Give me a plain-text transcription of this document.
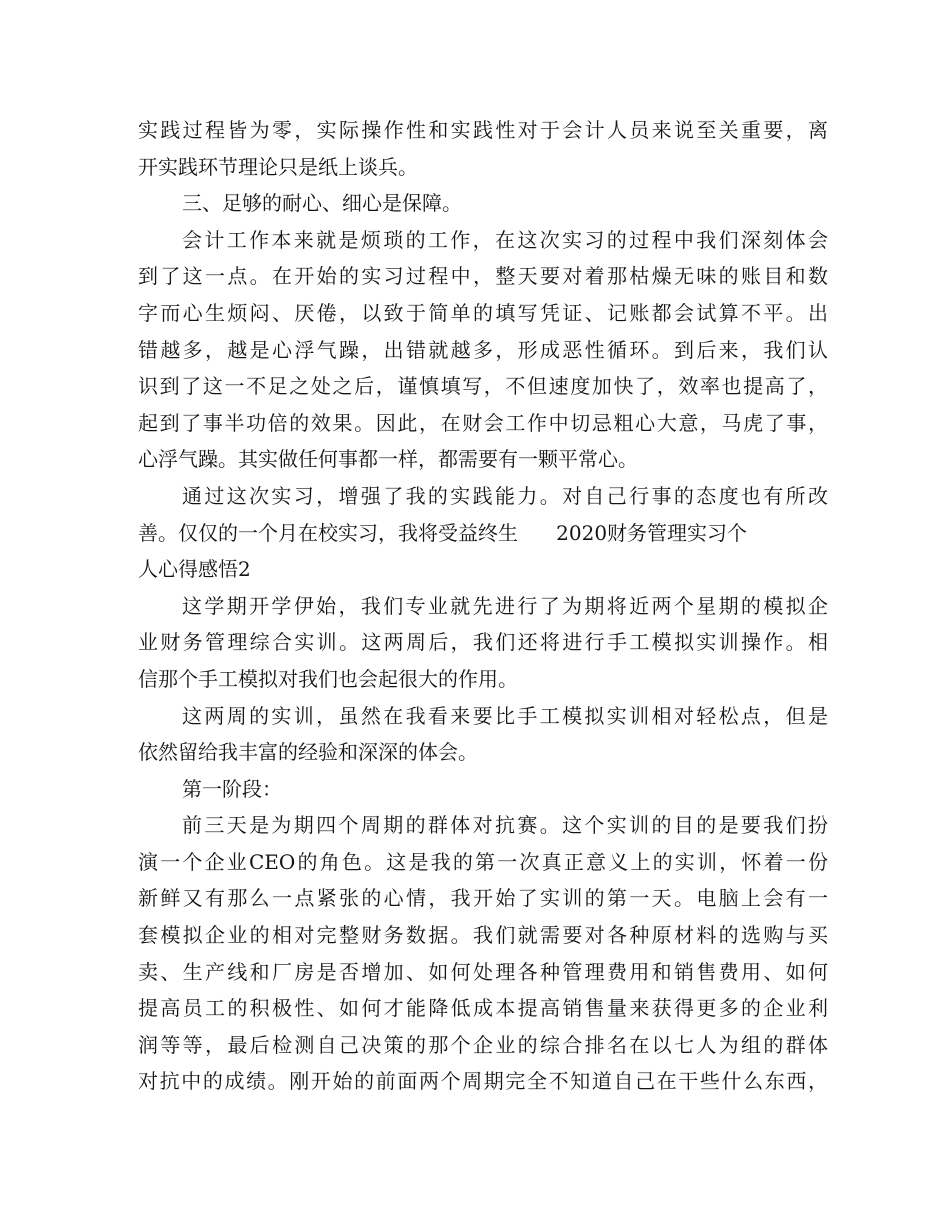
实践过程皆为零，实际操作性和实践性对于会计人员来说至关重要，离
开实践环节理论只是纸上谈兵。
三、足够的耐心、细心是保障。
会计工作本来就是烦琐的工作，在这次实习的过程中我们深刻体会
到了这一点。在开始的实习过程中，整天要对着那枯燥无味的账目和数
字而心生烦闷、厌倦，以致于简单的填写凭证、记账都会试算不平。出
错越多，越是心浮气躁，出错就越多，形成恶性循环。到后来，我们认
识到了这一不足之处之后，谨慎填写，不但速度加快了，效率也提高了，
起到了事半功倍的效果。因此，在财会工作中切忌粗心大意，马虎了事，
心浮气躁。其实做任何事都一样，都需要有一颗平常心。
通过这次实习，增强了我的实践能力。对自己行事的态度也有所改
善。仅仅的一个月在校实习，我将受益终生      2020财务管理实习个
人心得感悟2
这学期开学伊始，我们专业就先进行了为期将近两个星期的模拟企
业财务管理综合实训。这两周后，我们还将进行手工模拟实训操作。相
信那个手工模拟对我们也会起很大的作用。
这两周的实训，虽然在我看来要比手工模拟实训相对轻松点，但是
依然留给我丰富的经验和深深的体会。
第一阶段：
前三天是为期四个周期的群体对抗赛。这个实训的目的是要我们扮
演一个企业CEO的角色。这是我的第一次真正意义上的实训，怀着一份
新鲜又有那么一点紧张的心情，我开始了实训的第一天。电脑上会有一
套模拟企业的相对完整财务数据。我们就需要对各种原材料的选购与买
卖、生产线和厂房是否增加、如何处理各种管理费用和销售费用、如何
提高员工的积极性、如何才能降低成本提高销售量来获得更多的企业利
润等等，最后检测自己决策的那个企业的综合排名在以七人为组的群体
对抗中的成绩。刚开始的前面两个周期完全不知道自己在干些什么东西，
